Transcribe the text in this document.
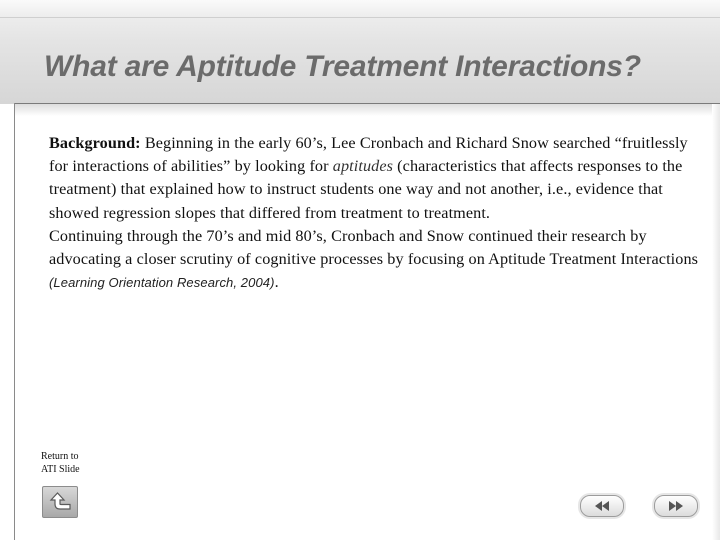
What are Aptitude Treatment Interactions?

Background: Beginning in the early 60’s, Lee Cronbach and Richard Snow searched “fruitlessly for interactions of abilities” by looking for aptitudes (characteristics that affects responses to the treatment) that explained how to instruct students one way and not another, i.e., evidence that showed regression slopes that differed from treatment to treatment.

Continuing through the 70’s and mid 80’s, Cronbach and Snow continued their research by advocating a closer scrutiny of cognitive processes by focusing on Aptitude Treatment Interactions (Learning Orientation Research, 2004).

Return to
ATI Slide
